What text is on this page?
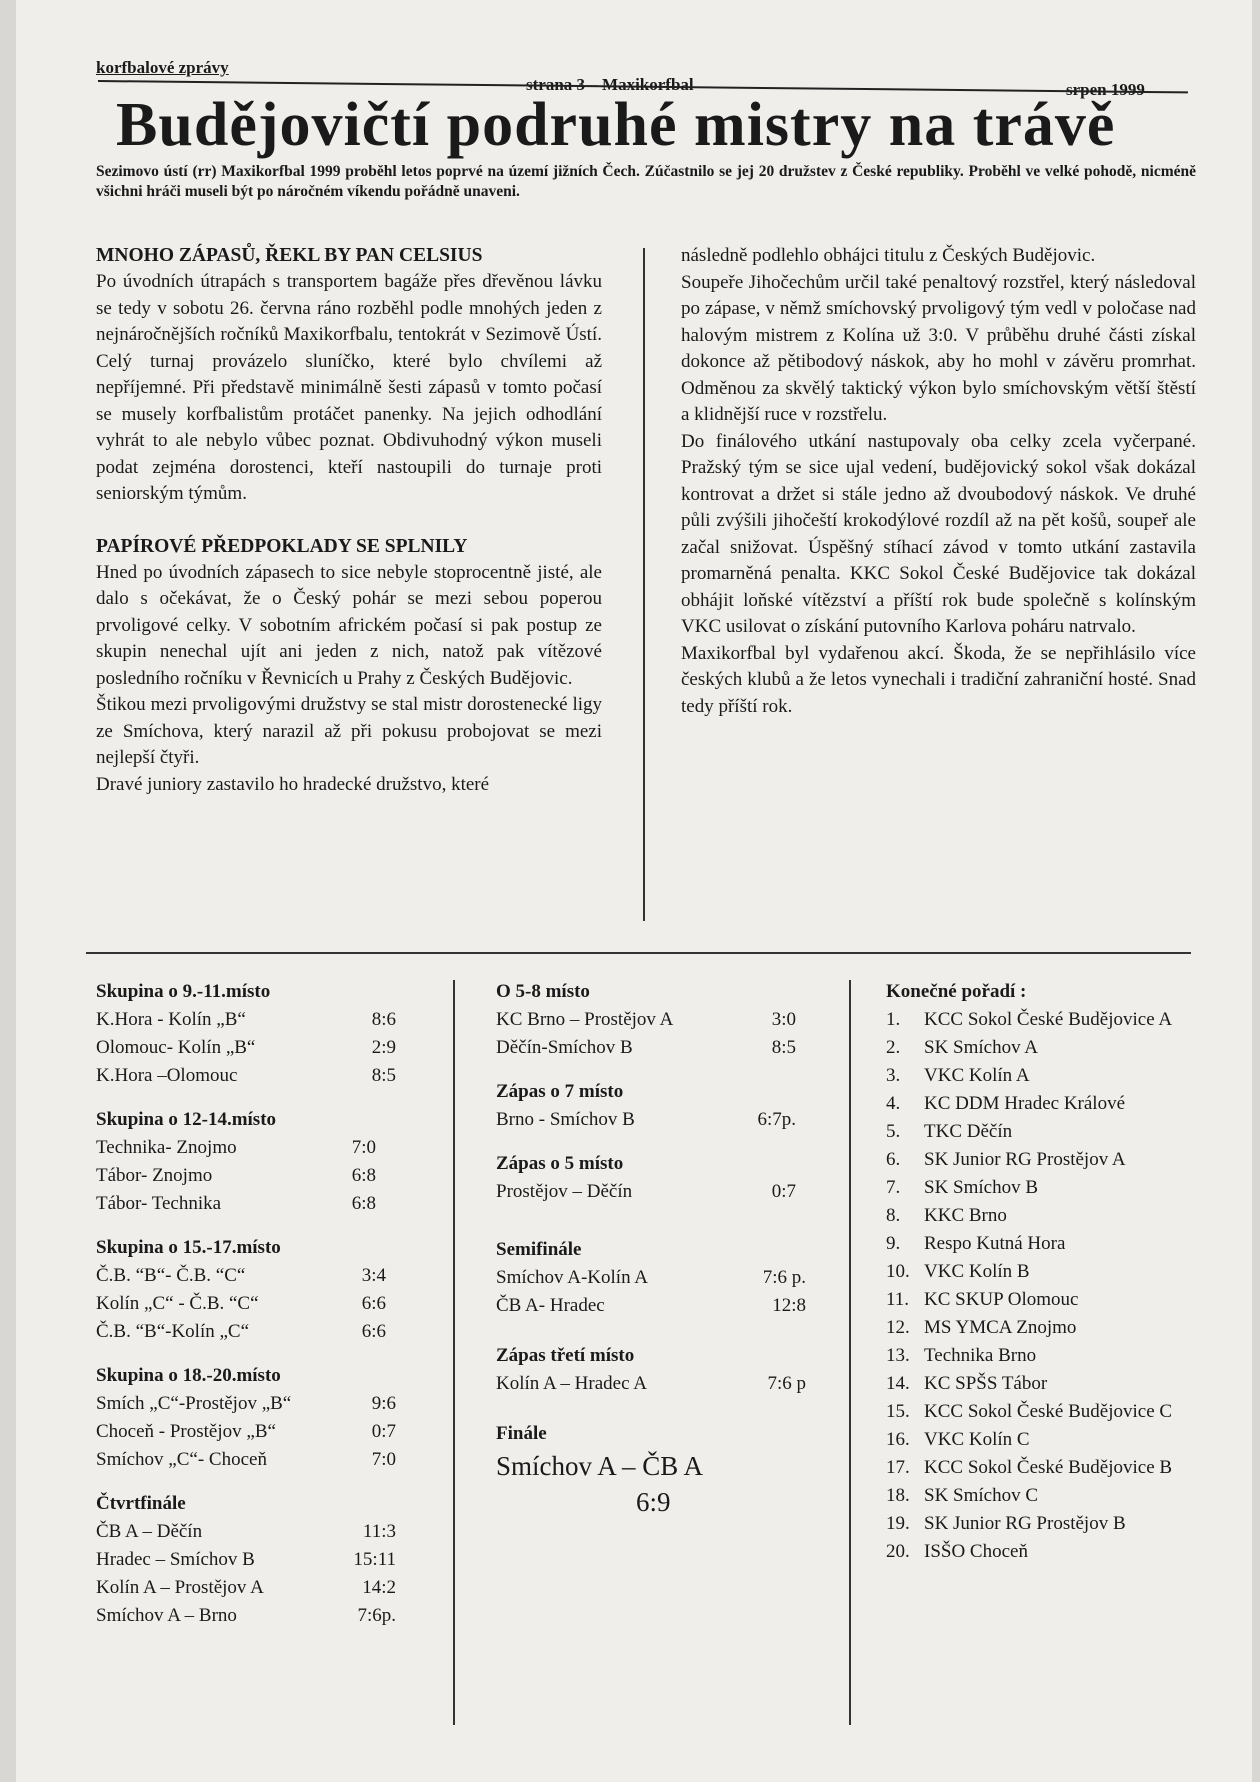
korfbalové zprávy
strana 3 – Maxikorfbal	srpen 1999
Budějovičtí podruhé mistry na trávě
Sezimovo ústí (rr) Maxikorfbal 1999 proběhl letos poprvé na území jižních Čech. Zúčastnilo se jej 20 družstev z České republiky. Proběhl ve velké pohodě, nicméně všichni hráči museli být po náročném víkendu pořádně unaveni.
MNOHO ZÁPASŮ, ŘEKL BY PAN CELSIUS

Po úvodních útrapách s transportem bagáže přes dřevěnou lávku se tedy v sobotu 26. června ráno rozběhl podle mnohých jeden z nejnáročnějších ročníků Maxikorfbalu, tentokrát v Sezimově Ústí. Celý turnaj provázelo sluníčko, které bylo chvílemi až nepříjemné. Při představě minimálně šesti zápasů v tomto počasí se musely korfbalistům protáčet panenky. Na jejich odhodlání vyhrát to ale nebylo vůbec poznat. Obdivuhodný výkon museli podat zejména dorostenci, kteří nastoupili do turnaje proti seniorským týmům.

PAPÍROVÉ PŘEDPOKLADY SE SPLNILY

Hned po úvodních zápasech to sice nebyle stoprocentně jisté, ale dalo s očekávat, že o Český pohár se mezi sebou poperou prvoligové celky. V sobotním africkém počasí si pak postup ze skupin nenechal ujít ani jeden z nich, natož pak vítězové posledního ročníku v Řevnicích u Prahy z Českých Budějovic.

Štikou mezi prvoligovými družstvy se stal mistr dorostenecké ligy ze Smíchova, který narazil až při pokusu probojovat se mezi nejlepší čtyři.

Dravé juniory zastavilo ho hradecké družstvo, které

následně podlehlo obhájci titulu z Českých Budějovic.

Soupeře Jihočechům určil také penaltový rozstřel, který následoval po zápase, v němž smíchovský prvoligový tým vedl v poločase nad halovým mistrem z Kolína už 3:0. V průběhu druhé části získal dokonce až pětibodový náskok, aby ho mohl v závěru promrhat. Odměnou za skvělý taktický výkon bylo smíchovským větší štěstí a klidnější ruce v rozstřelu.

Do finálového utkání nastupovaly oba celky zcela vyčerpané. Pražský tým se sice ujal vedení, budějovický sokol však dokázal kontrovat a držet si stále jedno až dvoubodový náskok. Ve druhé půli zvýšili jihočeští krokodýlové rozdíl až na pět košů, soupeř ale začal snižovat. Úspěšný stíhací závod v tomto utkání zastavila promarněná penalta. KKC Sokol České Budějovice tak dokázal obhájit loňské vítězství a příští rok bude společně s kolínským VKC usilovat o získání putovního Karlova poháru natrvalo.

Maxikorfbal byl vydařenou akcí. Škoda, že se nepřihlásilo více českých klubů a že letos vynechali i tradiční zahraniční hosté. Snad tedy příští rok.

Skupina o 9.-11.místo
K.Hora - Kolín „B“	8:6
Olomouc- Kolín „B“	2:9
K.Hora –Olomouc	8:5
Skupina o 12-14.místo
Technika- Znojmo	7:0
Tábor- Znojmo	6:8
Tábor- Technika	6:8
Skupina o 15.-17.místo
Č.B. “B“- Č.B. “C“	3:4
Kolín „C“ - Č.B. “C“	6:6
Č.B. “B“-Kolín „C“	6:6
Skupina o 18.-20.místo
Smích „C“-Prostějov „B“	9:6
Choceň - Prostějov „B“	0:7
Smíchov „C“- Choceň	7:0
Čtvrtfinále
ČB A – Děčín	11:3
Hradec – Smíchov B	15:11
Kolín A – Prostějov A	14:2
Smíchov A – Brno	7:6p.
O 5-8 místo
KC Brno – Prostějov A	3:0
Děčín-Smíchov B	8:5
Zápas o 7 místo
Brno - Smíchov B	6:7p.
Zápas o 5 místo
Prostějov – Děčín	0:7
Semifinále
Smíchov A-Kolín A	7:6 p.
ČB A- Hradec	12:8
Zápas třetí místo
Kolín A – Hradec A	7:6 p
Finále
Smíchov A – ČB A
6:9
Konečné pořadí :
1.	KCC Sokol České Budějovice A
2.	SK Smíchov A
3.	VKC Kolín A
4.	KC DDM Hradec Králové
5.	TKC Děčín
6.	SK Junior RG Prostějov A
7.	SK Smíchov B
8.	KKC Brno
9.	Respo Kutná Hora
10. VKC Kolín B
11. KC SKUP Olomouc
12. MS YMCA Znojmo
13. Technika Brno
14. KC SPŠS Tábor
15. KCC Sokol České Budějovice C
16. VKC Kolín C
17. KCC Sokol České Budějovice B
18. SK Smíchov C
19. SK Junior RG Prostějov B
20. ISŠO Choceň
